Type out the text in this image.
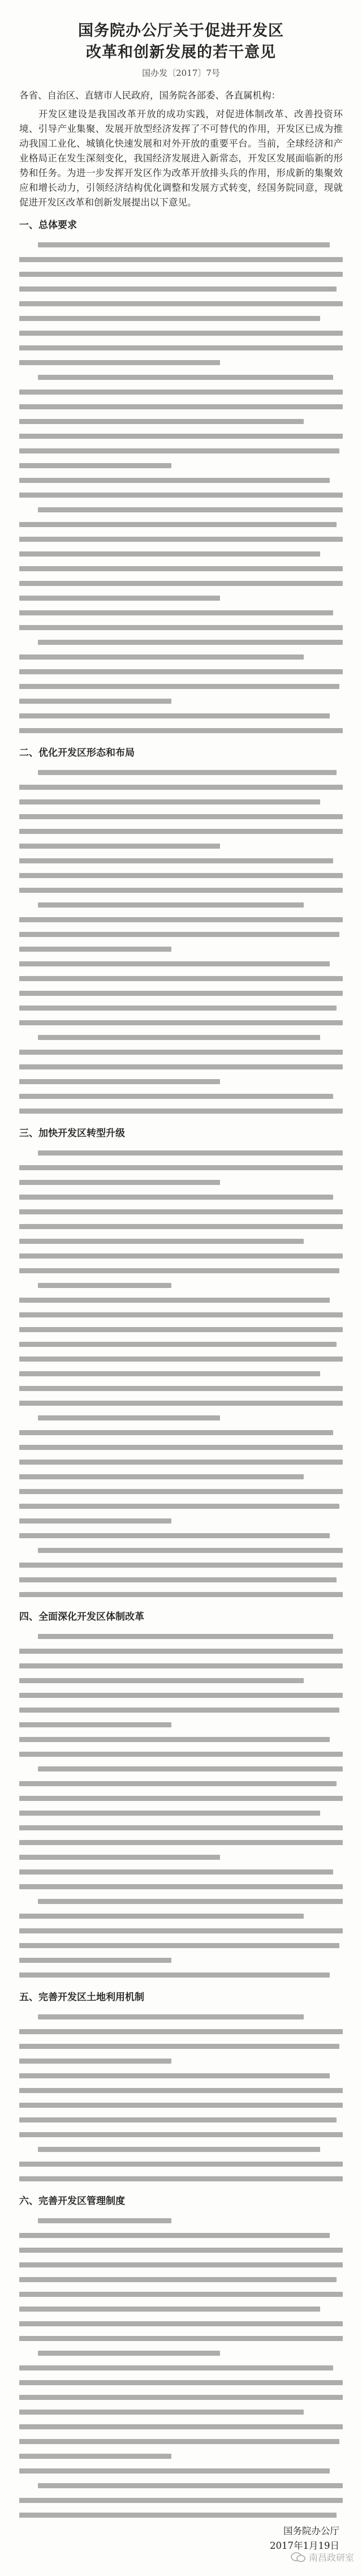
国务院办公厅关于促进开发区
改革和创新发展的若干意见
国办发〔2017〕7号
各省、自治区、直辖市人民政府，国务院各部委、各直属机构：
开发区建设是我国改革开放的成功实践，对促进体制改革、改善投资环境、引导产业集聚、发展开放型经济发挥了不可替代的作用，开发区已成为推动我国工业化、城镇化快速发展和对外开放的重要平台。当前，全球经济和产业格局正在发生深刻变化，我国经济发展进入新常态，开发区发展面临新的形势和任务。为进一步发挥开发区作为改革开放排头兵的作用，形成新的集聚效应和增长动力，引领经济结构优化调整和发展方式转变，经国务院同意，现就促进开发区改革和创新发展提出以下意见。
一、总体要求
二、优化开发区形态和布局
三、加快开发区转型升级
四、全面深化开发区体制改革
五、完善开发区土地利用机制
六、完善开发区管理制度
国务院办公厅
2017年1月19日
南昌政研室
